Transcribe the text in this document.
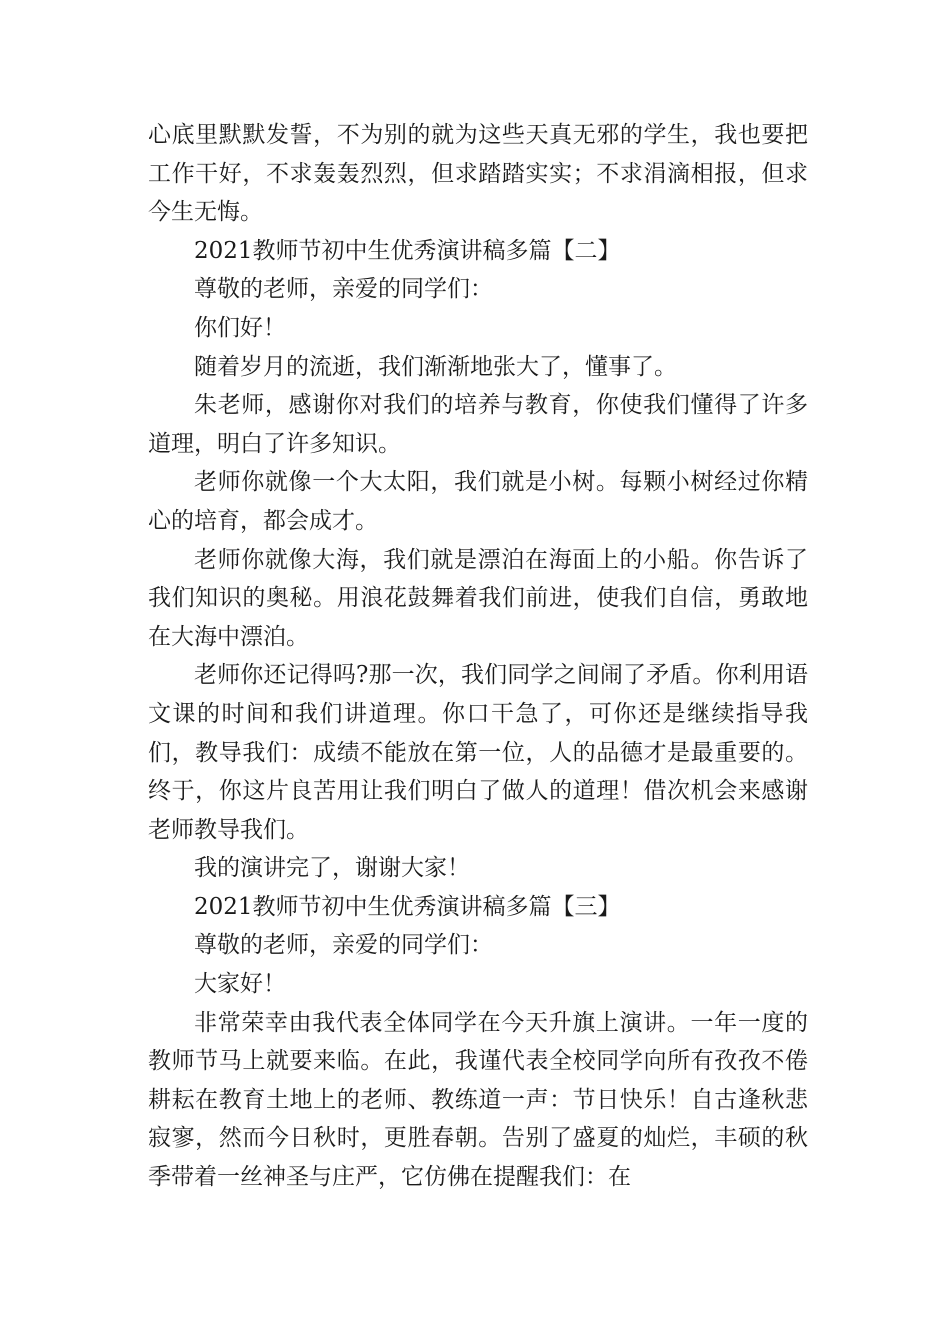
心底里默默发誓，不为别的就为这些天真无邪的学生，我也要把工作干好，不求轰轰烈烈，但求踏踏实实；不求涓滴相报，但求今生无悔。

2021教师节初中生优秀演讲稿多篇【二】

尊敬的老师，亲爱的同学们：

你们好！

随着岁月的流逝，我们渐渐地张大了，懂事了。

朱老师，感谢你对我们的培养与教育，你使我们懂得了许多道理，明白了许多知识。

老师你就像一个大太阳，我们就是小树。每颗小树经过你精心的培育，都会成才。

老师你就像大海，我们就是漂泊在海面上的小船。你告诉了我们知识的奥秘。用浪花鼓舞着我们前进，使我们自信，勇敢地在大海中漂泊。

老师你还记得吗?那一次，我们同学之间闹了矛盾。你利用语文课的时间和我们讲道理。你口干急了，可你还是继续指导我们，教导我们：成绩不能放在第一位，人的品德才是最重要的。终于，你这片良苦用让我们明白了做人的道理！借次机会来感谢老师教导我们。

我的演讲完了，谢谢大家！

2021教师节初中生优秀演讲稿多篇【三】

尊敬的老师，亲爱的同学们：

大家好！

非常荣幸由我代表全体同学在今天升旗上演讲。一年一度的教师节马上就要来临。在此，我谨代表全校同学向所有孜孜不倦耕耘在教育土地上的老师、教练道一声：节日快乐！自古逢秋悲寂寥，然而今日秋时，更胜春朝。告别了盛夏的灿烂，丰硕的秋季带着一丝神圣与庄严，它仿佛在提醒我们：在
